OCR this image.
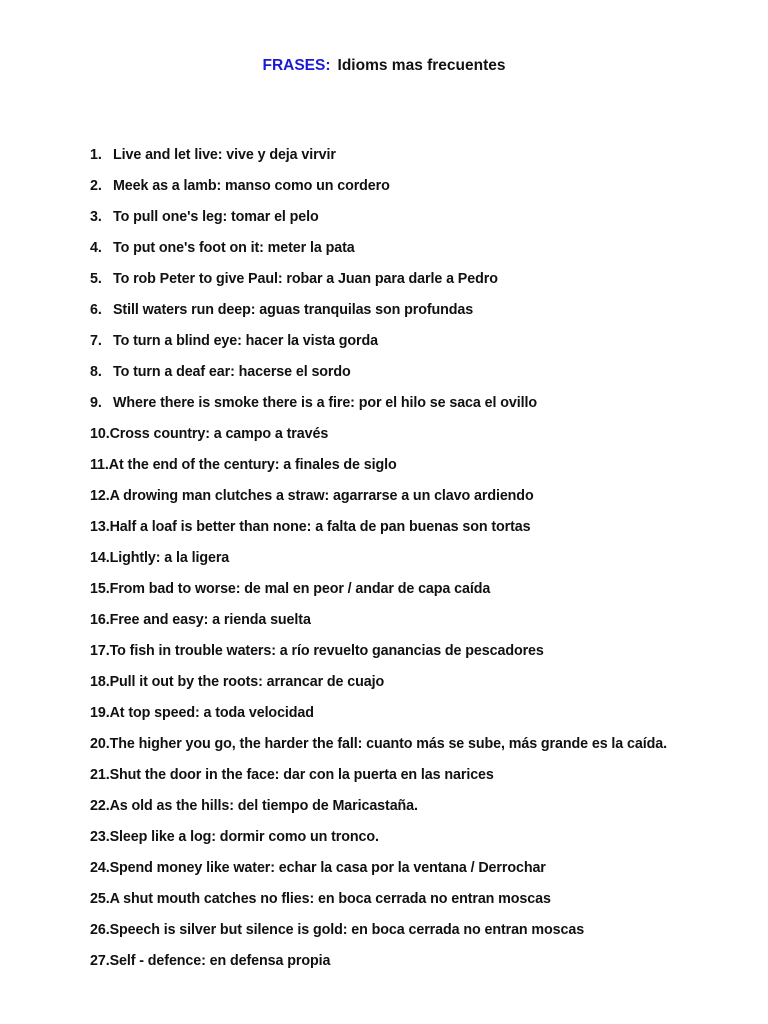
FRASES: Idioms mas frecuentes
1. Live and let live: vive y deja virvir
2. Meek as a lamb: manso como un cordero
3. To pull one's leg: tomar el pelo
4. To put one's foot on it: meter la pata
5. To rob Peter to give Paul: robar a Juan para darle a Pedro
6. Still waters run deep: aguas tranquilas son profundas
7. To turn a blind eye: hacer la vista gorda
8. To turn a deaf ear: hacerse el sordo
9. Where there is smoke there is a fire: por el hilo se saca el ovillo
10.Cross country: a campo a través
11.At the end of the century: a finales de siglo
12.A drowing man clutches a straw: agarrarse a un clavo ardiendo
13.Half a loaf is better than none: a falta de pan buenas son tortas
14.Lightly: a la ligera
15.From bad to worse: de mal en peor / andar de capa caída
16.Free and easy: a rienda suelta
17.To fish in trouble waters: a río revuelto ganancias de pescadores
18.Pull it out by the roots: arrancar de cuajo
19.At top speed: a toda velocidad
20.The higher you go, the harder the fall: cuanto más se sube, más grande es la caída.
21.Shut the door in the face: dar con la puerta en las narices
22.As old as the hills: del tiempo de Maricastaña.
23.Sleep like a log: dormir como un tronco.
24.Spend money like water: echar la casa por la ventana / Derrochar
25.A shut mouth catches no flies: en boca cerrada no entran moscas
26.Speech is silver but silence is gold: en boca cerrada no entran moscas
27.Self - defence: en defensa propia
